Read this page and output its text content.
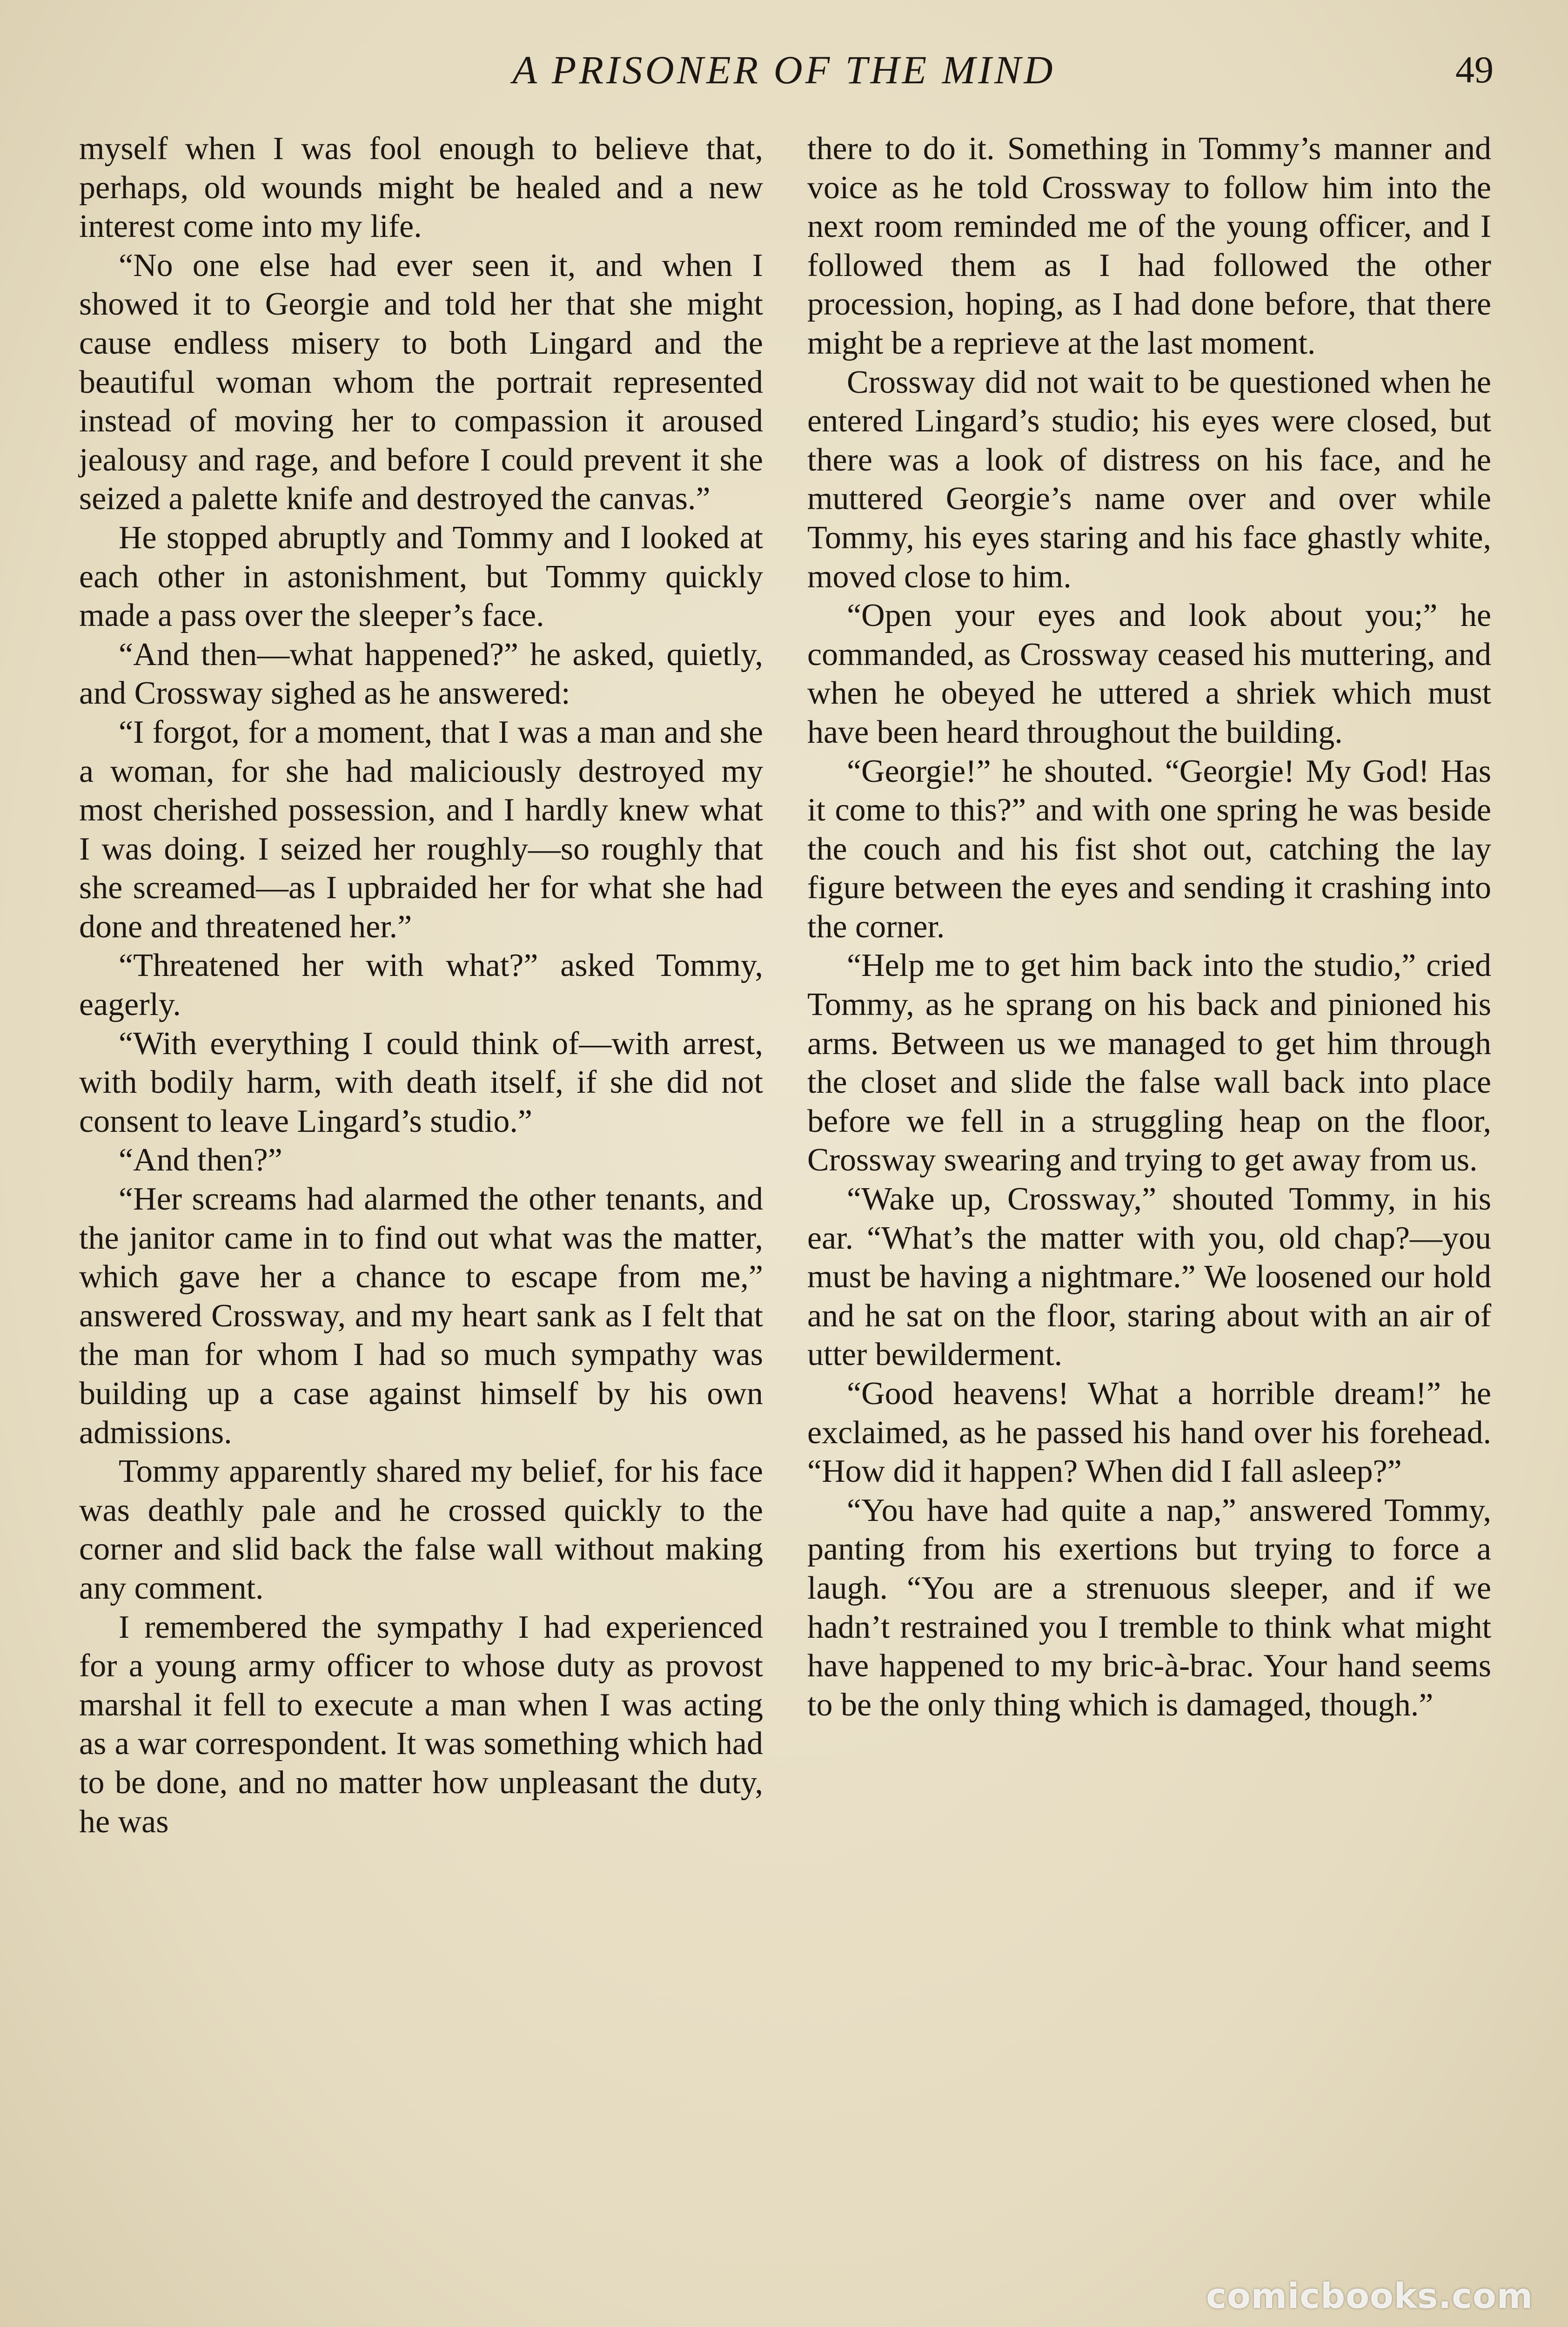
A PRISONER OF THE MIND	49

myself when I was fool enough to believe that, perhaps, old wounds might be healed and a new interest come into my life.

“No one else had ever seen it, and when I showed it to Georgie and told her that she might cause endless misery to both Lingard and the beautiful woman whom the portrait represented instead of moving her to compassion it aroused jealousy and rage, and before I could prevent it she seized a palette knife and destroyed the canvas.”

He stopped abruptly and Tommy and I looked at each other in astonishment, but Tommy quickly made a pass over the sleeper’s face.

“And then—what happened?” he asked, quietly, and Crossway sighed as he answered:

“I forgot, for a moment, that I was a man and she a woman, for she had maliciously destroyed my most cherished possession, and I hardly knew what I was doing. I seized her roughly—so roughly that she screamed—as I upbraided her for what she had done and threatened her.”

“Threatened her with what?” asked Tommy, eagerly.

“With everything I could think of—with arrest, with bodily harm, with death itself, if she did not consent to leave Lingard’s studio.”

“And then?”

“Her screams had alarmed the other tenants, and the janitor came in to find out what was the matter, which gave her a chance to escape from me,” answered Crossway, and my heart sank as I felt that the man for whom I had so much sympathy was building up a case against himself by his own admissions.

Tommy apparently shared my belief, for his face was deathly pale and he crossed quickly to the corner and slid back the false wall without making any comment.

I remembered the sympathy I had experienced for a young army officer to whose duty as provost marshal it fell to execute a man when I was acting as a war correspondent. It was something which had to be done, and no matter how unpleasant the duty, he was

there to do it. Something in Tommy’s manner and voice as he told Crossway to follow him into the next room reminded me of the young officer, and I followed them as I had followed the other procession, hoping, as I had done before, that there might be a reprieve at the last moment.

Crossway did not wait to be questioned when he entered Lingard’s studio; his eyes were closed, but there was a look of distress on his face, and he muttered Georgie’s name over and over while Tommy, his eyes staring and his face ghastly white, moved close to him.

“Open your eyes and look about you;” he commanded, as Crossway ceased his muttering, and when he obeyed he uttered a shriek which must have been heard throughout the building.

“Georgie!” he shouted. “Georgie! My God! Has it come to this?” and with one spring he was beside the couch and his fist shot out, catching the lay figure between the eyes and sending it crashing into the corner.

“Help me to get him back into the studio,” cried Tommy, as he sprang on his back and pinioned his arms. Between us we managed to get him through the closet and slide the false wall back into place before we fell in a struggling heap on the floor, Crossway swearing and trying to get away from us.

“Wake up, Crossway,” shouted Tommy, in his ear. “What’s the matter with you, old chap?—you must be having a nightmare.” We loosened our hold and he sat on the floor, staring about with an air of utter bewilderment.

“Good heavens! What a horrible dream!” he exclaimed, as he passed his hand over his forehead. “How did it happen? When did I fall asleep?”

“You have had quite a nap,” answered Tommy, panting from his exertions but trying to force a laugh. “You are a strenuous sleeper, and if we hadn’t restrained you I tremble to think what might have happened to my bric-à-brac. Your hand seems to be the only thing which is damaged, though.”

comicbooks.com
